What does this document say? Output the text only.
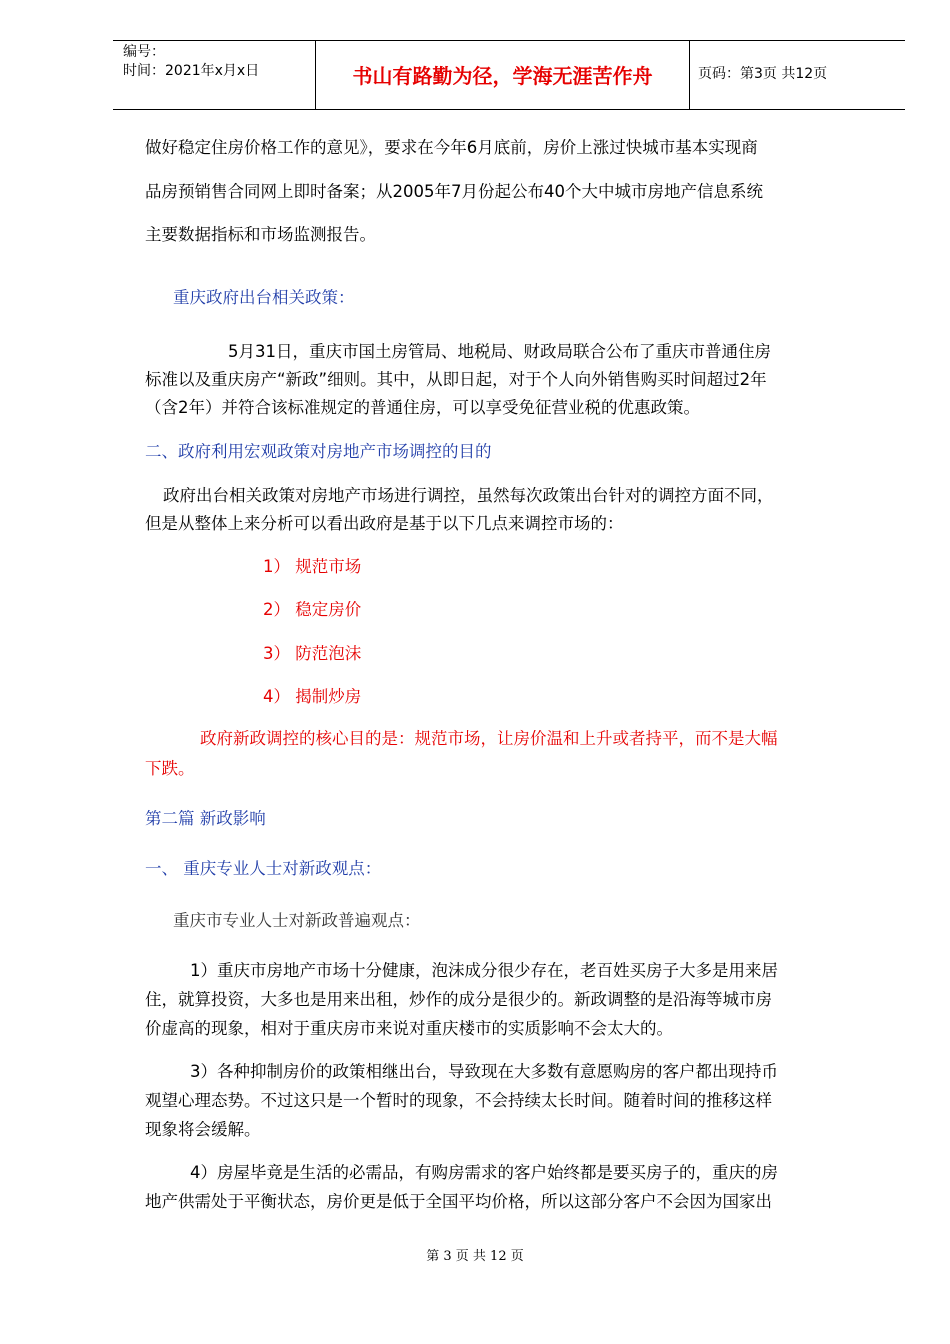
编号：
时间：2021年x月x日	书山有路勤为径，学海无涯苦作舟	页码：第3页 共12页

做好稳定住房价格工作的意见》，要求在今年6月底前，房价上涨过快城市基本实现商

品房预销售合同网上即时备案；从2005年7月份起公布40个大中城市房地产信息系统

主要数据指标和市场监测报告。

重庆政府出台相关政策：

5月31日，重庆市国土房管局、地税局、财政局联合公布了重庆市普通住房

标准以及重庆房产“新政”细则。其中，从即日起，对于个人向外销售购买时间超过2年

（含2年）并符合该标准规定的普通住房，可以享受免征营业税的优惠政策。

二、政府利用宏观政策对房地产市场调控的目的

政府出台相关政策对房地产市场进行调控，虽然每次政策出台针对的调控方面不同，

但是从整体上来分析可以看出政府是基于以下几点来调控市场的：

1） 规范市场

2） 稳定房价

3） 防范泡沫

4） 揭制炒房

政府新政调控的核心目的是：规范市场，让房价温和上升或者持平，而不是大幅

下跌。

第二篇 新政影响

一、 重庆专业人士对新政观点：

重庆市专业人士对新政普遍观点：

1）重庆市房地产市场十分健康，泡沫成分很少存在，老百姓买房子大多是用来居

住，就算投资，大多也是用来出租，炒作的成分是很少的。新政调整的是沿海等城市房

价虚高的现象，相对于重庆房市来说对重庆楼市的实质影响不会太大的。

3）各种抑制房价的政策相继出台，导致现在大多数有意愿购房的客户都出现持币

观望心理态势。不过这只是一个暂时的现象，不会持续太长时间。随着时间的推移这样

现象将会缓解。

4）房屋毕竟是生活的必需品，有购房需求的客户始终都是要买房子的，重庆的房

地产供需处于平衡状态，房价更是低于全国平均价格，所以这部分客户不会因为国家出

第 3 页 共 12 页
